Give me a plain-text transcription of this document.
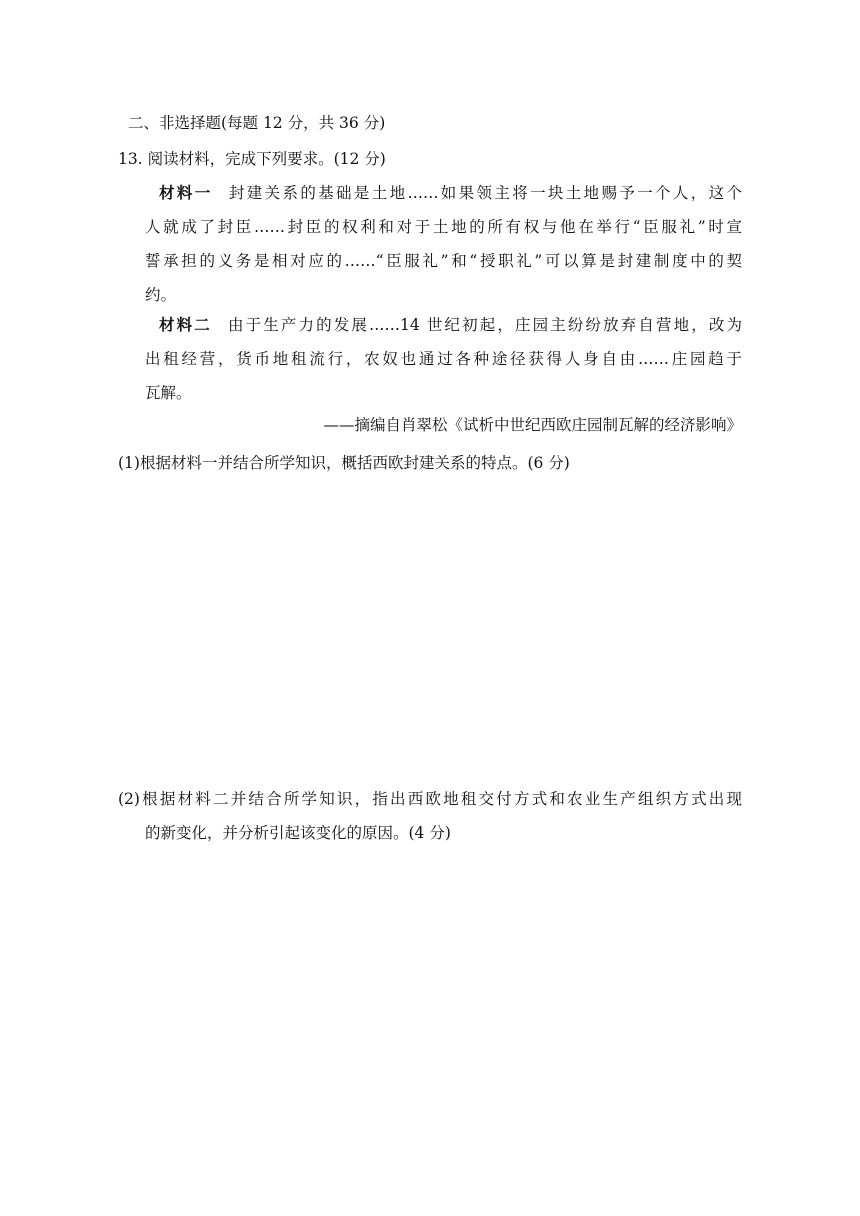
二、非选择题(每题 12 分，共 36 分)
13. 阅读材料，完成下列要求。(12 分)
材料一 封建关系的基础是土地……如果领主将一块土地赐予一个人，这个
人就成了封臣……封臣的权利和对于土地的所有权与他在举行“臣服礼”时宣
誓承担的义务是相对应的……“臣服礼”和“授职礼”可以算是封建制度中的契
约。
材料二 由于生产力的发展……14 世纪初起，庄园主纷纷放弃自营地，改为
出租经营，货币地租流行，农奴也通过各种途径获得人身自由……庄园趋于
瓦解。
——摘编自肖翠松《试析中世纪西欧庄园制瓦解的经济影响》
(1)根据材料一并结合所学知识，概括西欧封建关系的特点。(6 分)
(2)根据材料二并结合所学知识，指出西欧地租交付方式和农业生产组织方式出现
的新变化，并分析引起该变化的原因。(4 分)
